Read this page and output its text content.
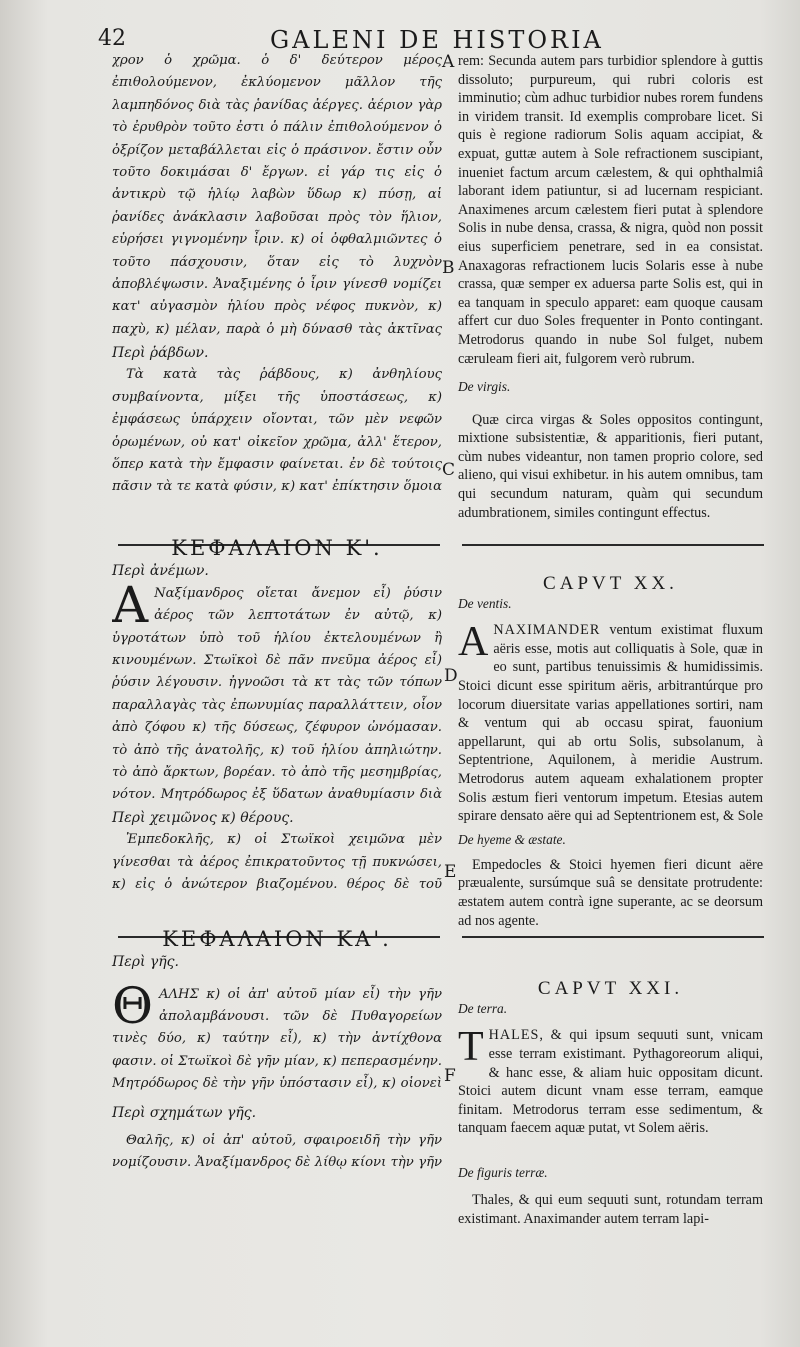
42	GALENI DE HISTORIA
A
B
C
D
E
F

χρον ὁ χρῶμα. ὁ δ' δεύτερον μέρος ἐπιθολούμενον, ἐκλύομενον μᾶλλον τῆς λαμπηδόνος διὰ τὰς ῥανίδας ἀέργες. ἀέριον γὰρ τὸ ἐρυθρὸν τοῦτο ἐστι ὁ πάλιν ἐπιθολούμενον ὁ ὀξρίζον μεταβάλλεται εἰς ὁ πράσινον. ἔστιν οὖν τοῦτο δοκιμάσαι δ' ἔργων. εἰ γάρ τις εἰς ὁ ἀντικρὺ τῷ ἡλίῳ λαβὼν ὕδωρ κ) πύσῃ, αἱ ῥανίδες ἀνάκλασιν λαβοῦσαι πρὸς τὸν ἥλιον, εὑρήσει γιγνομένην ἶριν. κ) οἱ ὀφθαλμιῶντες ὁ τοῦτο πάσχουσιν, ὅταν εἰς τὸ λυχνὸν ἀποβλέψωσιν. Ἀναξιμένης ὁ ἶριν γίνεσθ νομίζει κατ' αὐγασμὸν ἡλίου πρὸς νέφος πυκνὸν, κ) παχὺ, κ) μέλαν, παρὰ ὁ μὴ δύνασθ τὰς ἀκτῖνας

Περὶ ῥάβδων.

Τὰ κατὰ τὰς ῥάβδους, κ) ἀνθηλίους συμβαίνοντα, μίξει τῆς ὑποστάσεως, κ) ἐμφάσεως ὑπάρχειν οἴονται, τῶν μὲν νεφῶν ὁρωμένων, οὐ κατ' οἰκεῖον χρῶμα, ἀλλ' ἕτερον, ὅπερ κατὰ τὴν ἔμφασιν φαίνεται. ἐν δὲ τούτοις πᾶσιν τὰ τε κατὰ φύσιν, κ) κατ' ἐπίκτησιν ὅμοια

ΚΕΦΑΛΑΙΟΝ Κ'.

Περὶ ἀνέμων.

Α Ναξίμανδρος οἴεται ἄνεμον εἶ) ῥύσιν ἀέρος τῶν λεπτοτάτων ἐν αὐτῷ, κ) ὑγροτάτων ὑπὸ τοῦ ἡλίου ἐκτελουμένων ἢ κινουμένων. Στωϊκοὶ δὲ πᾶν πνεῦμα ἀέρος εἶ) ῥύσιν λέγουσιν. ἠγνοῶσι τὰ κτ τὰς τῶν τόπων παραλλαγὰς τὰς ἐπωνυμίας παραλλάττειν, οἷον ἀπὸ ζόφου κ) τῆς δύσεως, ζέφυρον ὠνόμασαν. τὸ ἀπὸ τῆς ἀνατολῆς, κ) τοῦ ἡλίου ἀπηλιώτην. τὸ ἀπὸ ἄρκτων, βορέαν. τὸ ἀπὸ τῆς μεσημβρίας, νότον. Μητρόδωρος ἐξ ὕδατων ἀναθυμίασιν διὰ

Περὶ χειμῶνος κ) θέρους.

Ἐμπεδοκλῆς, κ) οἱ Στωϊκοὶ χειμῶνα μὲν γίνεσθαι τὰ ἀέρος ἐπικρατοῦντος τῇ πυκνώσει, κ) εἰς ὁ ἀνώτερον βιαζομένου. θέρος δὲ τοῦ

ΚΕΦΑΛΑΙΟΝ ΚΑ'.

Περὶ γῆς.

ΘΑΛΗΣ κ) οἱ ἀπ' αὐτοῦ μίαν εἶ) τὴν γῆν ἀπολαμβάνουσι. τῶν δὲ Πυθαγορείων τινὲς δύο, κ) ταύτην εἶ), κ) τὴν ἀντίχθονα φασιν. οἱ Στωϊκοὶ δὲ γῆν μίαν, κ) πεπερασμένην. Μητρόδωρος δὲ τὴν γῆν ὑπόστασιν εἶ), κ) οἱονεὶ

Περὶ σχημάτων γῆς.

Θαλῆς, κ) οἱ ἀπ' αὐτοῦ, σφαιροειδῆ τὴν γῆν νομίζουσιν. Ἀναξίμανδρος δὲ λίθῳ κίονι τὴν γῆν

rem: Secunda autem pars turbidior splendore à guttis dissoluto; purpureum, qui rubri coloris est imminutio; cùm adhuc turbidior nubes rorem fundens in viridem transit. Id exemplis comprobare licet. Si quis è regione radiorum Solis aquam accipiat, & expuat, guttæ autem à Sole refractionem suscipiant, inueniet factum arcum cælestem, & qui ophthalmiâ laborant idem patiuntur, si ad lucernam respiciant. Anaximenes arcum cælestem fieri putat à splendore Solis in nube densa, crassa, & nigra, quòd non possit eius superficiem penetrare, sed in ea consistat. Anaxagoras refractionem lucis Solaris esse à nube crassa, quæ semper ex aduersa parte Solis est, qui in ea tanquam in speculo apparet: eam quoque causam affert cur duo Soles frequenter in Ponto contingant. Metrodorus quando in nube Sol fulget, nubem cæruleam fieri ait, fulgorem verò rubrum.

De virgis.

Quæ circa virgas & Soles oppositos contingunt, mixtione subsistentiæ, & apparitionis, fieri putant, cùm nubes videantur, non tamen proprio colore, sed alieno, qui visui exhibetur. in his autem omnibus, tam qui secundum naturam, quàm qui secundum adumbrationem, similes contingunt effectus.

CAPVT XX.

De ventis.

ANAXIMANDER ventum existimat fluxum aëris esse, motis aut colliquatis à Sole, quæ in eo sunt, partibus tenuissimis & humidissimis. Stoici dicunt esse spiritum aëris, arbitrantúrque pro locorum diuersitate varias appellationes sortiri, nam & ventum qui ab occasu spirat, fauonium appellarunt, qui ab ortu Solis, subsolanum, à Septentrione, Aquilonem, à meridie Austrum. Metrodorus autem aqueam exhalationem propter Solis æstum fieri ventorum impetum. Etesias autem spirare densato aëre qui ad Septentrionem est, & Sole

De hyeme & æstate.

Empedocles & Stoici hyemen fieri dicunt aëre præualente, sursúmque suâ se densitate protrudente: æstatem autem contrà igne superante, ac se deorsum ad nos agente.

CAPVT XXI.

De terra.

THALES, & qui ipsum sequuti sunt, vnicam esse terram existimant. Pythagoreorum aliqui, & hanc esse, & aliam huic oppositam dicunt. Stoici autem dicunt vnam esse terram, eamque finitam. Metrodorus terram esse sedimentum, & tanquam faecem aquæ putat, vt Solem aëris.

De figuris terræ.

Thales, & qui eum sequuti sunt, rotundam terram existimant. Anaximander autem terram lapi-
